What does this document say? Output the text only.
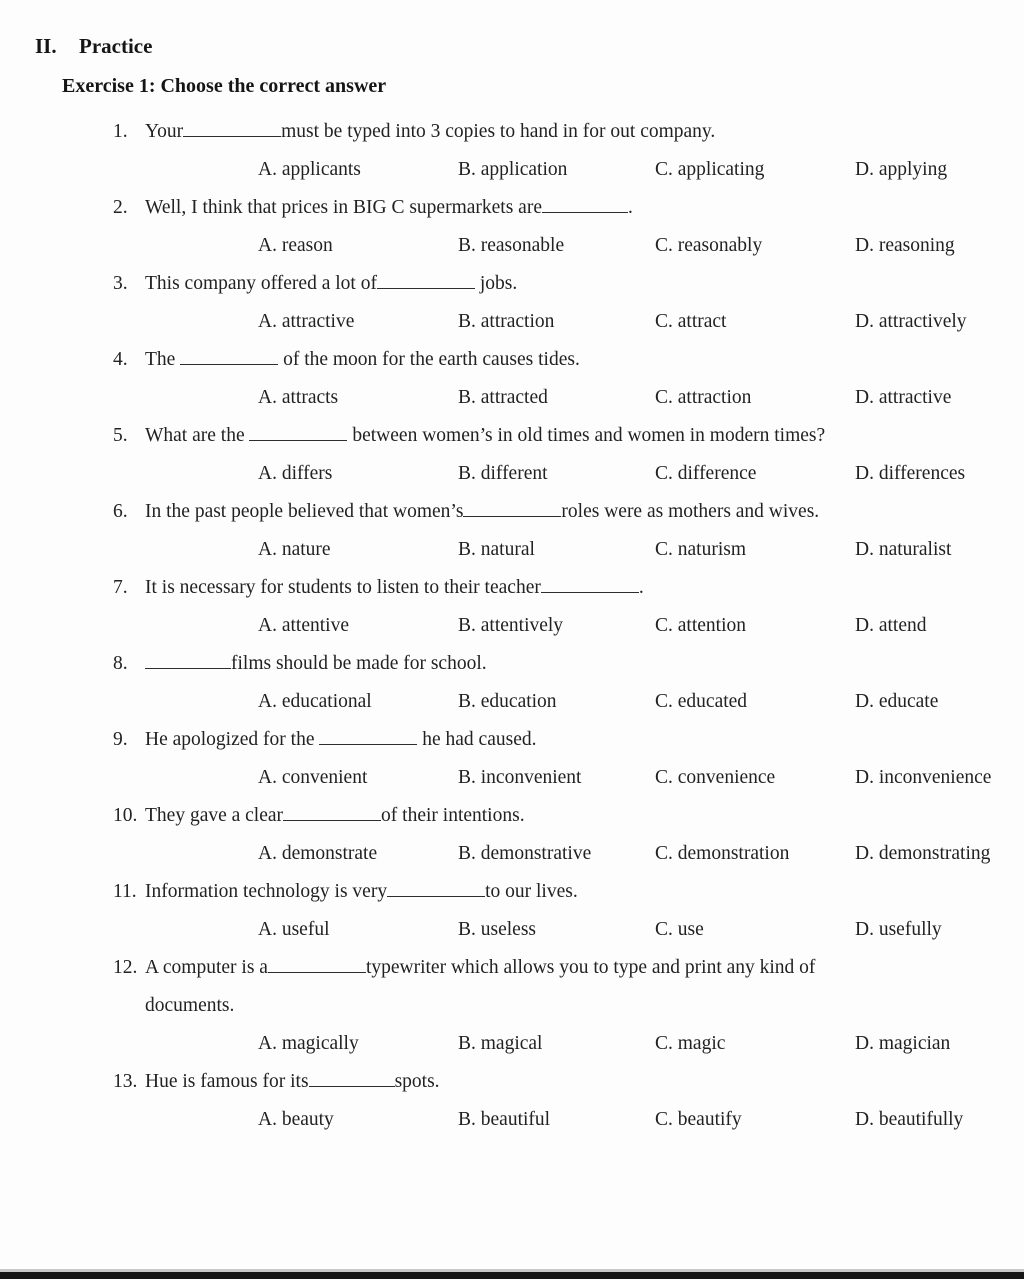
II.	Practice
Exercise 1: Choose the correct answer
1. Your	must be typed into 3 copies to hand in for out company.
A. applicants	B. application	C. applicating	D. applying
2. Well, I think that prices in BIG C supermarkets are	.
A. reason	B. reasonable	C. reasonably	D. reasoning
3. This company offered a lot of	jobs.
A. attractive	B. attraction	C. attract	D. attractively
4. The	of the moon for the earth causes tides.
A. attracts	B. attracted	C. attraction	D. attractive
5. What are the	between women’s in old times and women in modern times?
A. differs	B. different	C. difference	D. differences
6. In the past people believed that women’s	roles were as mothers and wives.
A. nature	B. natural	C. naturism	D. naturalist
7. It is necessary for students to listen to their teacher	.
A. attentive	B. attentively	C. attention	D. attend
8.	films should be made for school.
A. educational	B. education	C. educated	D. educate
9. He apologized for the	he had caused.
A. convenient	B. inconvenient	C. convenience	D. inconvenience
10. They gave a clear	of their intentions.
A. demonstrate	B. demonstrative	C. demonstration	D. demonstrating
11. Information technology is very	to our lives.
A. useful	B. useless	C. use	D. usefully
12. A computer is a	typewriter which allows you to type and print any kind of
documents.
A. magically	B. magical	C. magic	D. magician
13. Hue is famous for its	spots.
A. beauty	B. beautiful	C. beautify	D. beautifully
